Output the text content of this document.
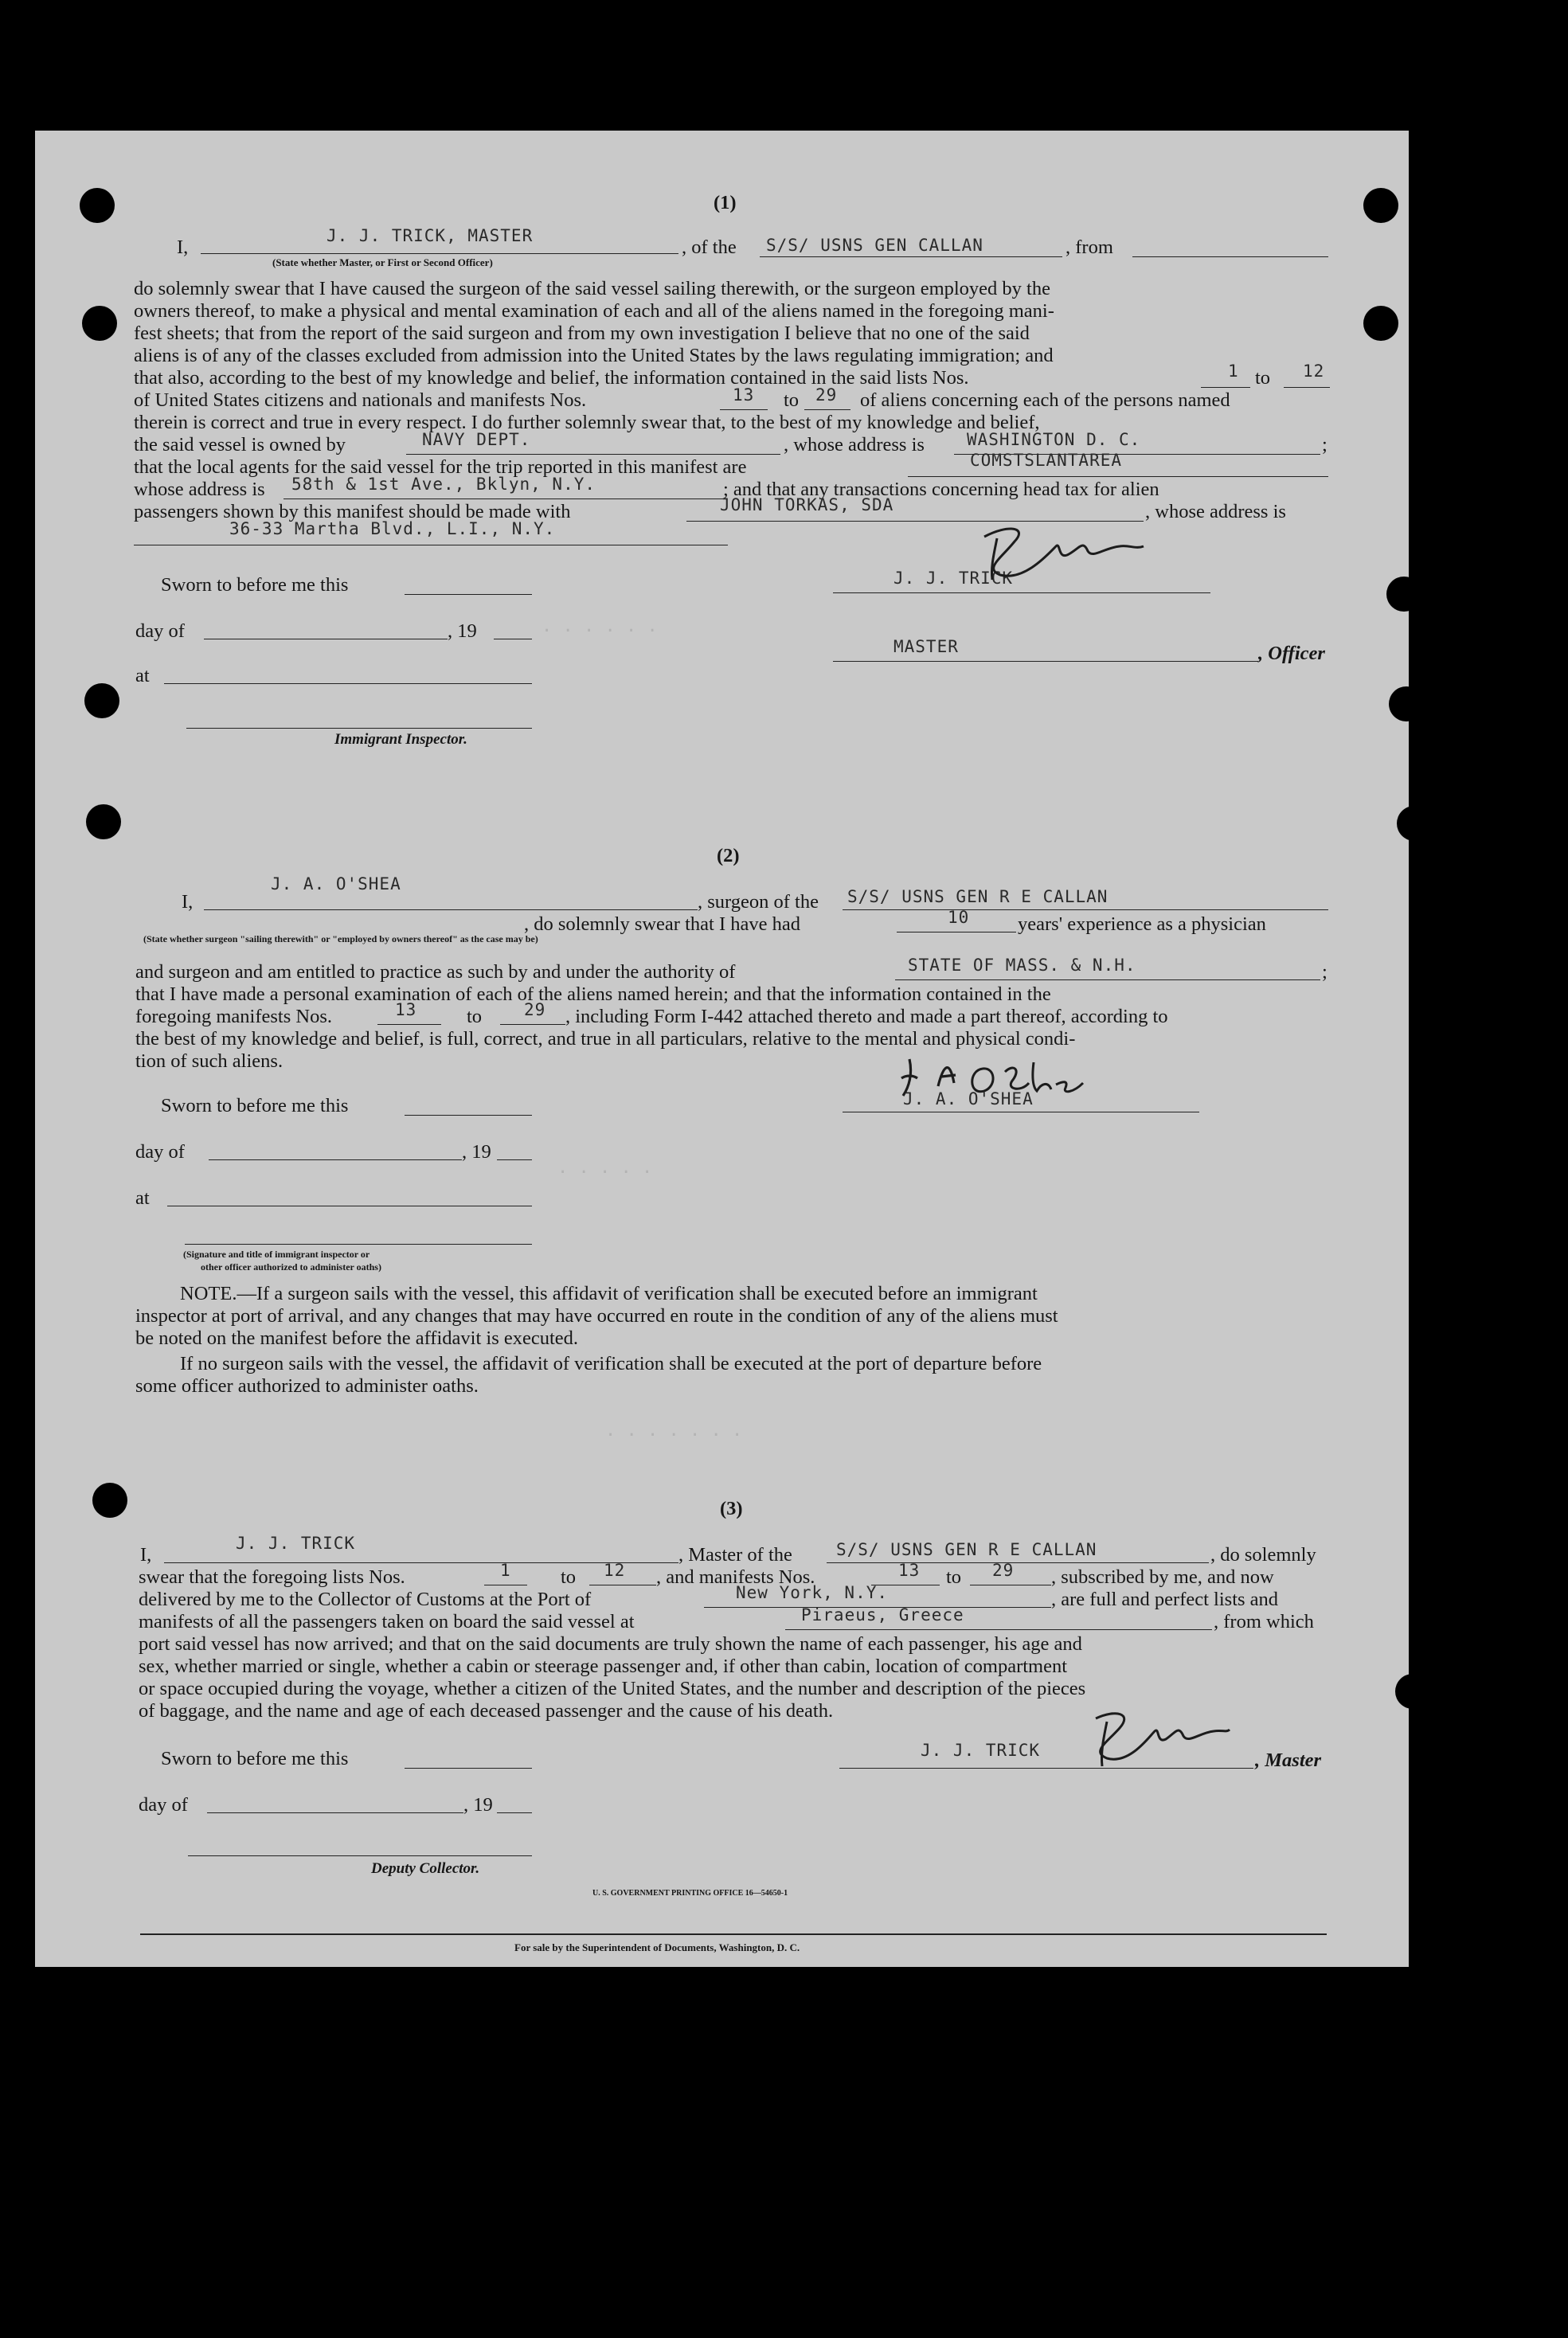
· · · · · ·
· · · · ·
· · · · · · ·
(1)
I,
J. J. TRICK, MASTER
(State whether Master, or First or Second Officer)
, of the S/S/ USNS GEN CALLAN	, from
do solemnly swear that I have caused the surgeon of the said vessel sailing therewith, or the surgeon employed by the
owners thereof, to make a physical and mental examination of each and all of the aliens named in the foregoing mani-
fest sheets; that from the report of the said surgeon and from my own investigation I believe that no one of the said
aliens is of any of the classes excluded from admission into the United States by the laws regulating immigration; and
that also, according to the best of my knowledge and belief, the information contained in the said lists Nos.	1 to 12
of United States citizens and nationals and manifests Nos.	13 to 29 of aliens concerning each of the persons named
therein is correct and true in every respect. I do further solemnly swear that, to the best of my knowledge and belief,
the said vessel is owned by	NAVY DEPT.	, whose address is	WASHINGTON D. C.	;
that the local agents for the said vessel for the trip reported in this manifest are	COMSTSLANTAREA
whose address is 58th & 1st Ave., Bklyn, N.Y.	; and that any transactions concerning head tax for alien
passengers shown by this manifest should be made with	JOHN TORKAS, SDA	, whose address is
36-33 Martha Blvd., L.I., N.Y.
Sworn to before me this
day of	, 19
at
Immigrant Inspector.
J. J. TRICK
MASTER	, Officer
(2)
I,
J. A. O'SHEA
, surgeon of the S/S/ USNS GEN R E CALLAN
(State whether surgeon "sailing therewith" or "employed by owners thereof" as the case may be)
, do solemnly swear that I have had	10 years' experience as a physician
and surgeon and am entitled to practice as such by and under the authority of	STATE OF MASS. & N.H.	;
that I have made a personal examination of each of the aliens named herein; and that the information contained in the
foregoing manifests Nos.	13	to	29 , including Form I-442 attached thereto and made a part thereof, according to
the best of my knowledge and belief, is full, correct, and true in all particulars, relative to the mental and physical condi-
tion of such aliens.
Sworn to before me this
day of	, 19
at
(Signature and title of immigrant inspector or
other officer authorized to administer oaths)
J. A. O'SHEA
NOTE.—If a surgeon sails with the vessel, this affidavit of verification shall be executed before an immigrant
inspector at port of arrival, and any changes that may have occurred en route in the condition of any of the aliens must
be noted on the manifest before the affidavit is executed.
If no surgeon sails with the vessel, the affidavit of verification shall be executed at the port of departure before
some officer authorized to administer oaths.
(3)
I,
J. J. TRICK
, Master of the	S/S/ USNS GEN R E CALLAN	, do solemnly
swear that the foregoing lists Nos.	1	to 12 , and manifests Nos.	13 to 29 , subscribed by me, and now
delivered by me to the Collector of Customs at the Port of	New York, N.Y.	, are full and perfect lists and
manifests of all the passengers taken on board the said vessel at	Piraeus, Greece	, from which
port said vessel has now arrived; and that on the said documents are truly shown the name of each passenger, his age and
sex, whether married or single, whether a cabin or steerage passenger and, if other than cabin, location of compartment
or space occupied during the voyage, whether a citizen of the United States, and the number and description of the pieces
of baggage, and the name and age of each deceased passenger and the cause of his death.
Sworn to before me this
day of	, 19
Deputy Collector.
J. J. TRICK	, Master
U. S. GOVERNMENT PRINTING OFFICE 16—54650-1
For sale by the Superintendent of Documents, Washington, D. C.
